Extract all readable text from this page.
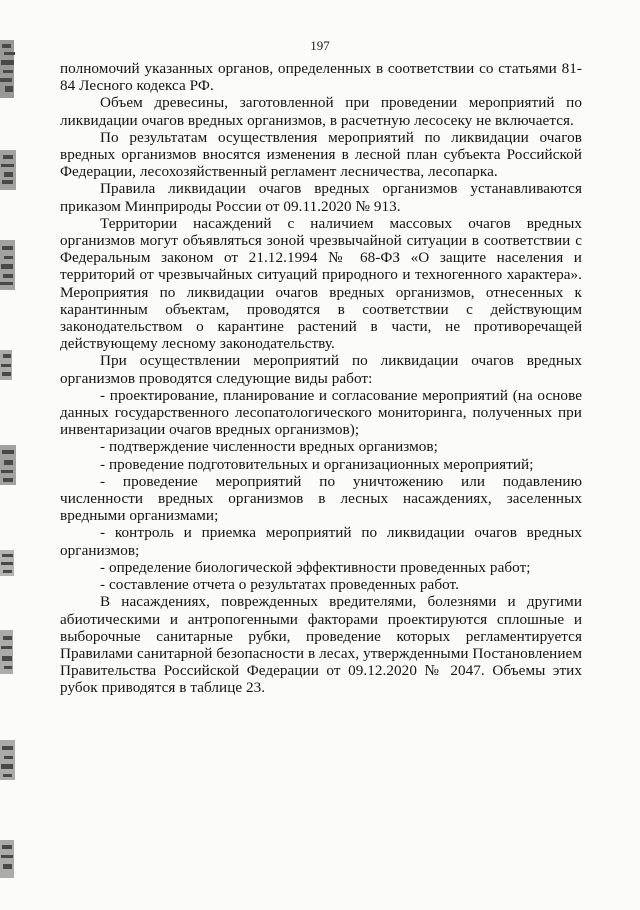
197

полномочий указанных органов, определенных в соответствии со статьями 81-84 Лесного кодекса РФ.

Объем древесины, заготовленной при проведении мероприятий по ликвидации очагов вредных организмов, в расчетную лесосеку не включается.

По результатам осуществления мероприятий по ликвидации очагов вредных организмов вносятся изменения в лесной план субъекта Российской Федерации, лесохозяйственный регламент лесничества, лесопарка.

Правила ликвидации очагов вредных организмов устанавливаются приказом Минприроды России от 09.11.2020 № 913.

Территории насаждений с наличием массовых очагов вредных организмов могут объявляться зоной чрезвычайной ситуации в соответствии с Федеральным законом от 21.12.1994 № 68-ФЗ «О защите населения и территорий от чрезвычайных ситуаций природного и техногенного характера». Мероприятия по ликвидации очагов вредных организмов, отнесенных к карантинным объектам, проводятся в соответствии с действующим законодательством о карантине растений в части, не противоречащей действующему лесному законодательству.

При осуществлении мероприятий по ликвидации очагов вредных организмов проводятся следующие виды работ:

- проектирование, планирование и согласование мероприятий (на основе данных государственного лесопатологического мониторинга, полученных при инвентаризации очагов вредных организмов);

- подтверждение численности вредных организмов;

- проведение подготовительных и организационных мероприятий;

- проведение мероприятий по уничтожению или подавлению численности вредных организмов в лесных насаждениях, заселенных вредными организмами;

- контроль и приемка мероприятий по ликвидации очагов вредных организмов;

- определение биологической эффективности проведенных работ;

- составление отчета о результатах проведенных работ.

В насаждениях, поврежденных вредителями, болезнями и другими абиотическими и антропогенными факторами проектируются сплошные и выборочные санитарные рубки, проведение которых регламентируется Правилами санитарной безопасности в лесах, утвержденными Постановлением Правительства Российской Федерации от 09.12.2020 № 2047. Объемы этих рубок приводятся в таблице 23.
